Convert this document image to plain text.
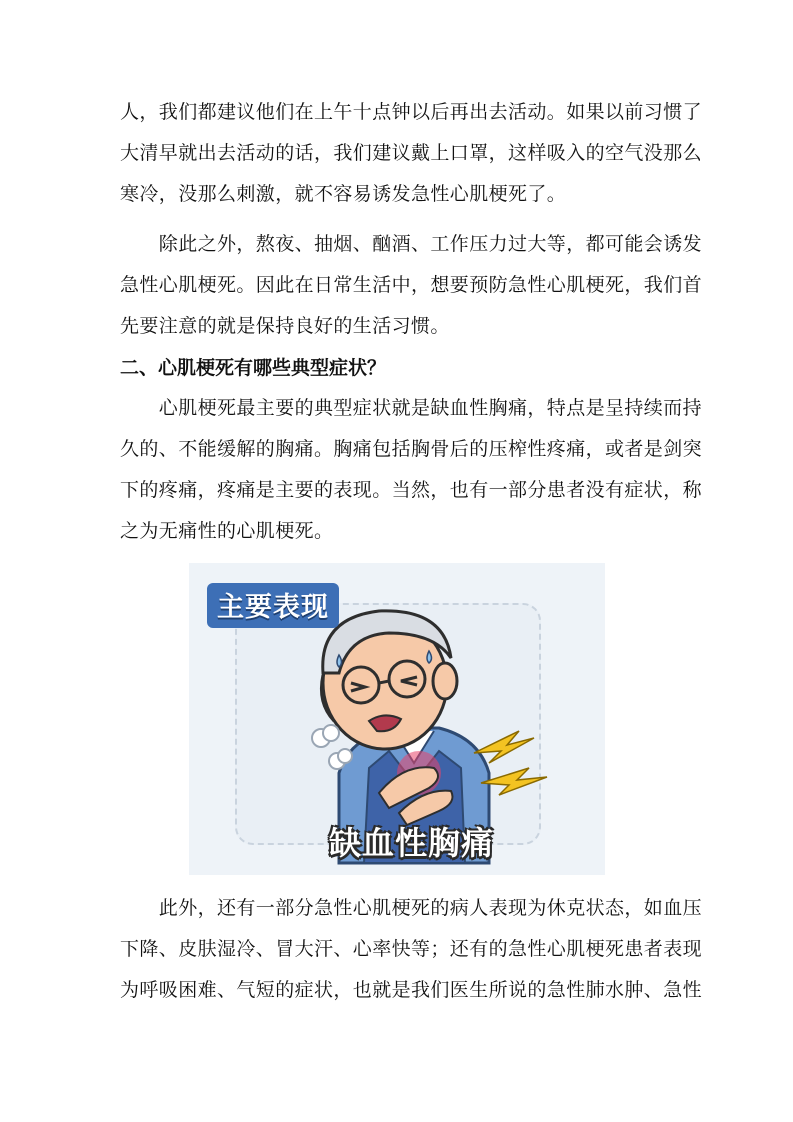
人，我们都建议他们在上午十点钟以后再出去活动。如果以前习惯了
大清早就出去活动的话，我们建议戴上口罩，这样吸入的空气没那么
寒冷，没那么刺激，就不容易诱发急性心肌梗死了。

　　除此之外，熬夜、抽烟、酗酒、工作压力过大等，都可能会诱发
急性心肌梗死。因此在日常生活中，想要预防急性心肌梗死，我们首
先要注意的就是保持良好的生活习惯。

二、心肌梗死有哪些典型症状？

　　心肌梗死最主要的典型症状就是缺血性胸痛，特点是呈持续而持
久的、不能缓解的胸痛。胸痛包括胸骨后的压榨性疼痛，或者是剑突
下的疼痛，疼痛是主要的表现。当然，也有一部分患者没有症状，称
之为无痛性的心肌梗死。

主要表现
缺血性胸痛

　　此外，还有一部分急性心肌梗死的病人表现为休克状态，如血压
下降、皮肤湿冷、冒大汗、心率快等；还有的急性心肌梗死患者表现
为呼吸困难、气短的症状，也就是我们医生所说的急性肺水肿、急性
